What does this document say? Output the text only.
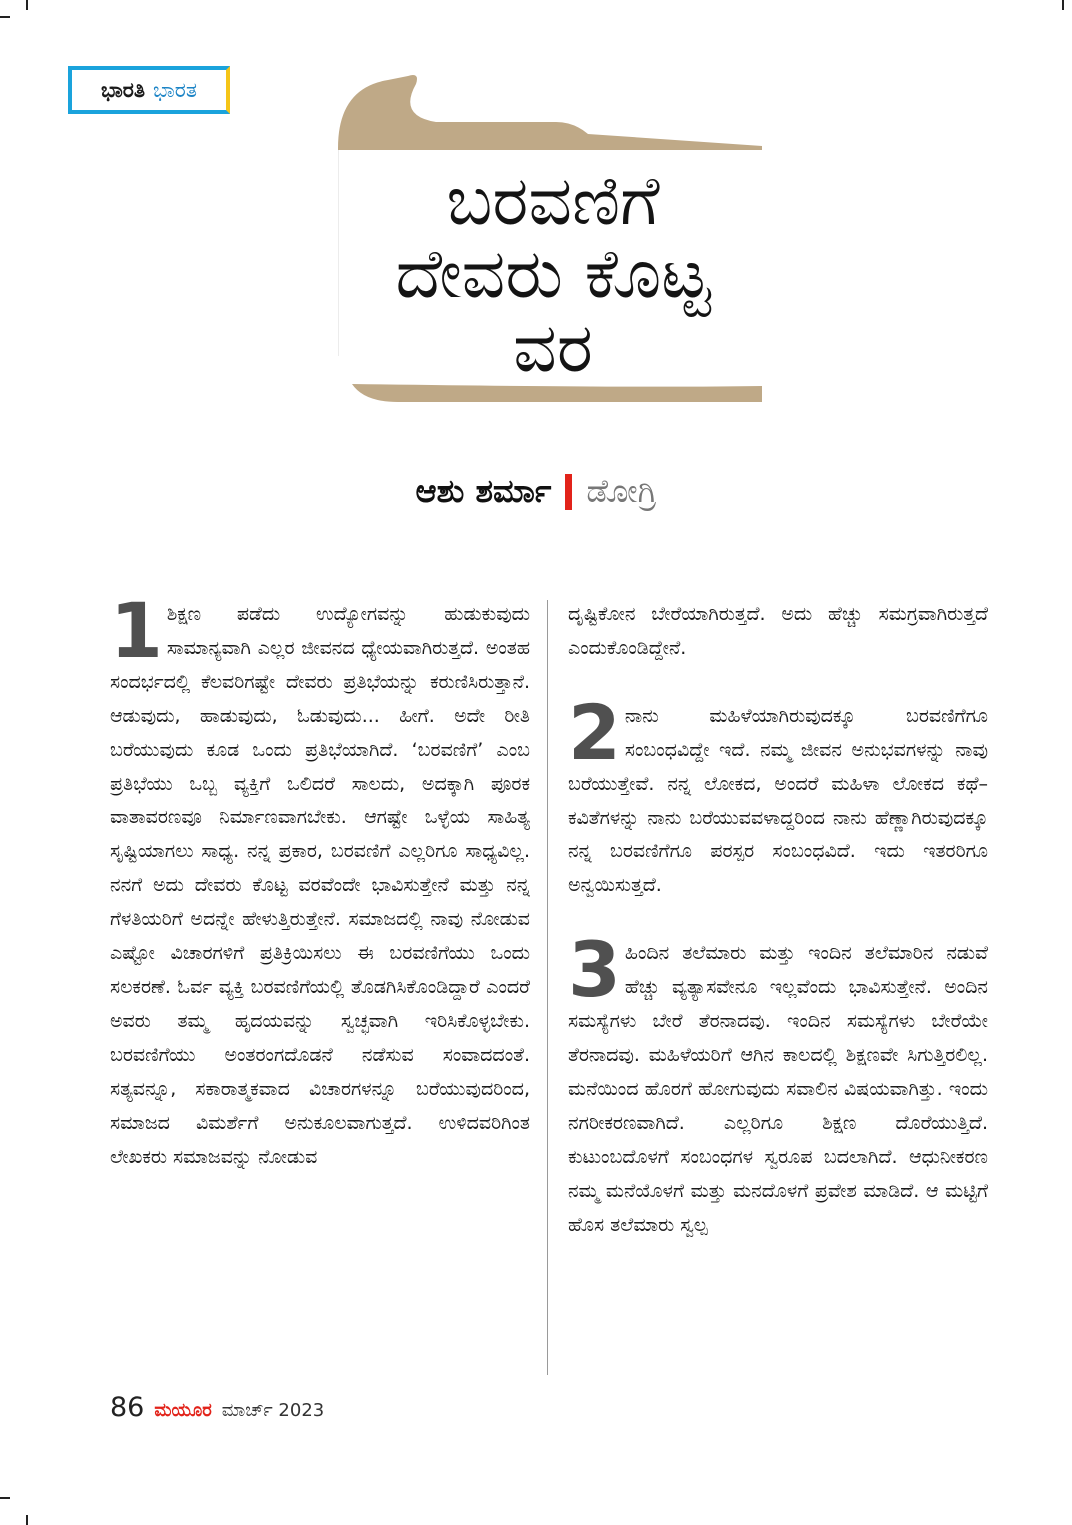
ಭಾರತಿ ಭಾರತ
ಬರವಣಿಗೆ
ದೇವರು ಕೊಟ್ಟ
ವರ
ಆಶು ಶರ್ಮಾ ಡೋಗ್ರಿ

1 ಶಿಕ್ಷಣ ಪಡೆದು ಉದ್ಯೋಗವನ್ನು ಹುಡುಕುವುದು ಸಾಮಾನ್ಯವಾಗಿ ಎಲ್ಲರ ಜೀವನದ ಧ್ಯೇಯವಾಗಿರುತ್ತದೆ. ಅಂತಹ ಸಂದರ್ಭದಲ್ಲಿ ಕೆಲವರಿಗಷ್ಟೇ ದೇವರು ಪ್ರತಿಭೆಯನ್ನು ಕರುಣಿಸಿರುತ್ತಾನೆ. ಆಡುವುದು, ಹಾಡುವುದು, ಓಡುವುದು... ಹೀಗೆ. ಅದೇ ರೀತಿ ಬರೆಯುವುದು ಕೂಡ ಒಂದು ಪ್ರತಿಭೆಯಾಗಿದೆ. ‘ಬರವಣಿಗೆ’ ಎಂಬ ಪ್ರತಿಭೆಯು ಒಬ್ಬ ವ್ಯಕ್ತಿಗೆ ಒಲಿದರೆ ಸಾಲದು, ಅದಕ್ಕಾಗಿ ಪೂರಕ ವಾತಾವರಣವೂ ನಿರ್ಮಾಣವಾಗಬೇಕು. ಆಗಷ್ಟೇ ಒಳ್ಳೆಯ ಸಾಹಿತ್ಯ ಸೃಷ್ಟಿಯಾಗಲು ಸಾಧ್ಯ. ನನ್ನ ಪ್ರಕಾರ, ಬರವಣಿಗೆ ಎಲ್ಲರಿಗೂ ಸಾಧ್ಯವಿಲ್ಲ. ನನಗೆ ಅದು ದೇವರು ಕೊಟ್ಟ ವರವೆಂದೇ ಭಾವಿಸುತ್ತೇನೆ ಮತ್ತು ನನ್ನ ಗೆಳತಿಯರಿಗೆ ಅದನ್ನೇ ಹೇಳುತ್ತಿರುತ್ತೇನೆ. ಸಮಾಜದಲ್ಲಿ ನಾವು ನೋಡುವ ಎಷ್ಟೋ ವಿಚಾರಗಳಿಗೆ ಪ್ರತಿಕ್ರಿಯಿಸಲು ಈ ಬರವಣಿಗೆಯು ಒಂದು ಸಲಕರಣೆ. ಓರ್ವ ವ್ಯಕ್ತಿ ಬರವಣಿಗೆಯಲ್ಲಿ ತೊಡಗಿಸಿಕೊಂಡಿದ್ದಾರೆ ಎಂದರೆ ಅವರು ತಮ್ಮ ಹೃದಯವನ್ನು ಸ್ವಚ್ಛವಾಗಿ ಇರಿಸಿಕೊಳ್ಳಬೇಕು. ಬರವಣಿಗೆಯು ಅಂತರಂಗದೊಡನೆ ನಡೆಸುವ ಸಂವಾದದಂತೆ. ಸತ್ಯವನ್ನೂ, ಸಕಾರಾತ್ಮಕವಾದ ವಿಚಾರಗಳನ್ನೂ ಬರೆಯುವುದರಿಂದ, ಸಮಾಜದ ವಿಮರ್ಶೆಗೆ ಅನುಕೂಲವಾಗುತ್ತದೆ. ಉಳಿದವರಿಗಿಂತ ಲೇಖಕರು ಸಮಾಜವನ್ನು ನೋಡುವ

ದೃಷ್ಟಿಕೋನ ಬೇರೆಯಾಗಿರುತ್ತದೆ. ಅದು ಹೆಚ್ಚು ಸಮಗ್ರವಾಗಿರುತ್ತದೆ ಎಂದುಕೊಂಡಿದ್ದೇನೆ.

2 ನಾನು ಮಹಿಳೆಯಾಗಿರುವುದಕ್ಕೂ ಬರವಣಿಗೆಗೂ ಸಂಬಂಧವಿದ್ದೇ ಇದೆ. ನಮ್ಮ ಜೀವನ ಅನುಭವಗಳನ್ನು ನಾವು ಬರೆಯುತ್ತೇವೆ. ನನ್ನ ಲೋಕದ, ಅಂದರೆ ಮಹಿಳಾ ಲೋಕದ ಕಥೆ–ಕವಿತೆಗಳನ್ನು ನಾನು ಬರೆಯುವವಳಾದ್ದರಿಂದ ನಾನು ಹೆಣ್ಣಾಗಿರುವುದಕ್ಕೂ ನನ್ನ ಬರವಣಿಗೆಗೂ ಪರಸ್ಪರ ಸಂಬಂಧವಿದೆ. ಇದು ಇತರರಿಗೂ ಅನ್ವಯಿಸುತ್ತದೆ.

3 ಹಿಂದಿನ ತಲೆಮಾರು ಮತ್ತು ಇಂದಿನ ತಲೆಮಾರಿನ ನಡುವೆ ಹೆಚ್ಚು ವ್ಯತ್ಯಾಸವೇನೂ ಇಲ್ಲವೆಂದು ಭಾವಿಸುತ್ತೇನೆ. ಅಂದಿನ ಸಮಸ್ಯೆಗಳು ಬೇರೆ ತೆರನಾದವು. ಇಂದಿನ ಸಮಸ್ಯೆಗಳು ಬೇರೆಯೇ ತೆರನಾದವು. ಮಹಿಳೆಯರಿಗೆ ಆಗಿನ ಕಾಲದಲ್ಲಿ ಶಿಕ್ಷಣವೇ ಸಿಗುತ್ತಿರಲಿಲ್ಲ. ಮನೆಯಿಂದ ಹೊರಗೆ ಹೋಗುವುದು ಸವಾಲಿನ ವಿಷಯವಾಗಿತ್ತು. ಇಂದು ನಗರೀಕರಣವಾಗಿದೆ. ಎಲ್ಲರಿಗೂ ಶಿಕ್ಷಣ ದೊರೆಯುತ್ತಿದೆ. ಕುಟುಂಬದೊಳಗೆ ಸಂಬಂಧಗಳ ಸ್ವರೂಪ ಬದಲಾಗಿದೆ. ಆಧುನೀಕರಣ ನಮ್ಮ ಮನೆಯೊಳಗೆ ಮತ್ತು ಮನದೊಳಗೆ ಪ್ರವೇಶ ಮಾಡಿದೆ. ಆ ಮಟ್ಟಿಗೆ ಹೊಸ ತಲೆಮಾರು ಸ್ವಲ್ಪ

86 ಮಯೂರ ಮಾರ್ಚ್ 2023
